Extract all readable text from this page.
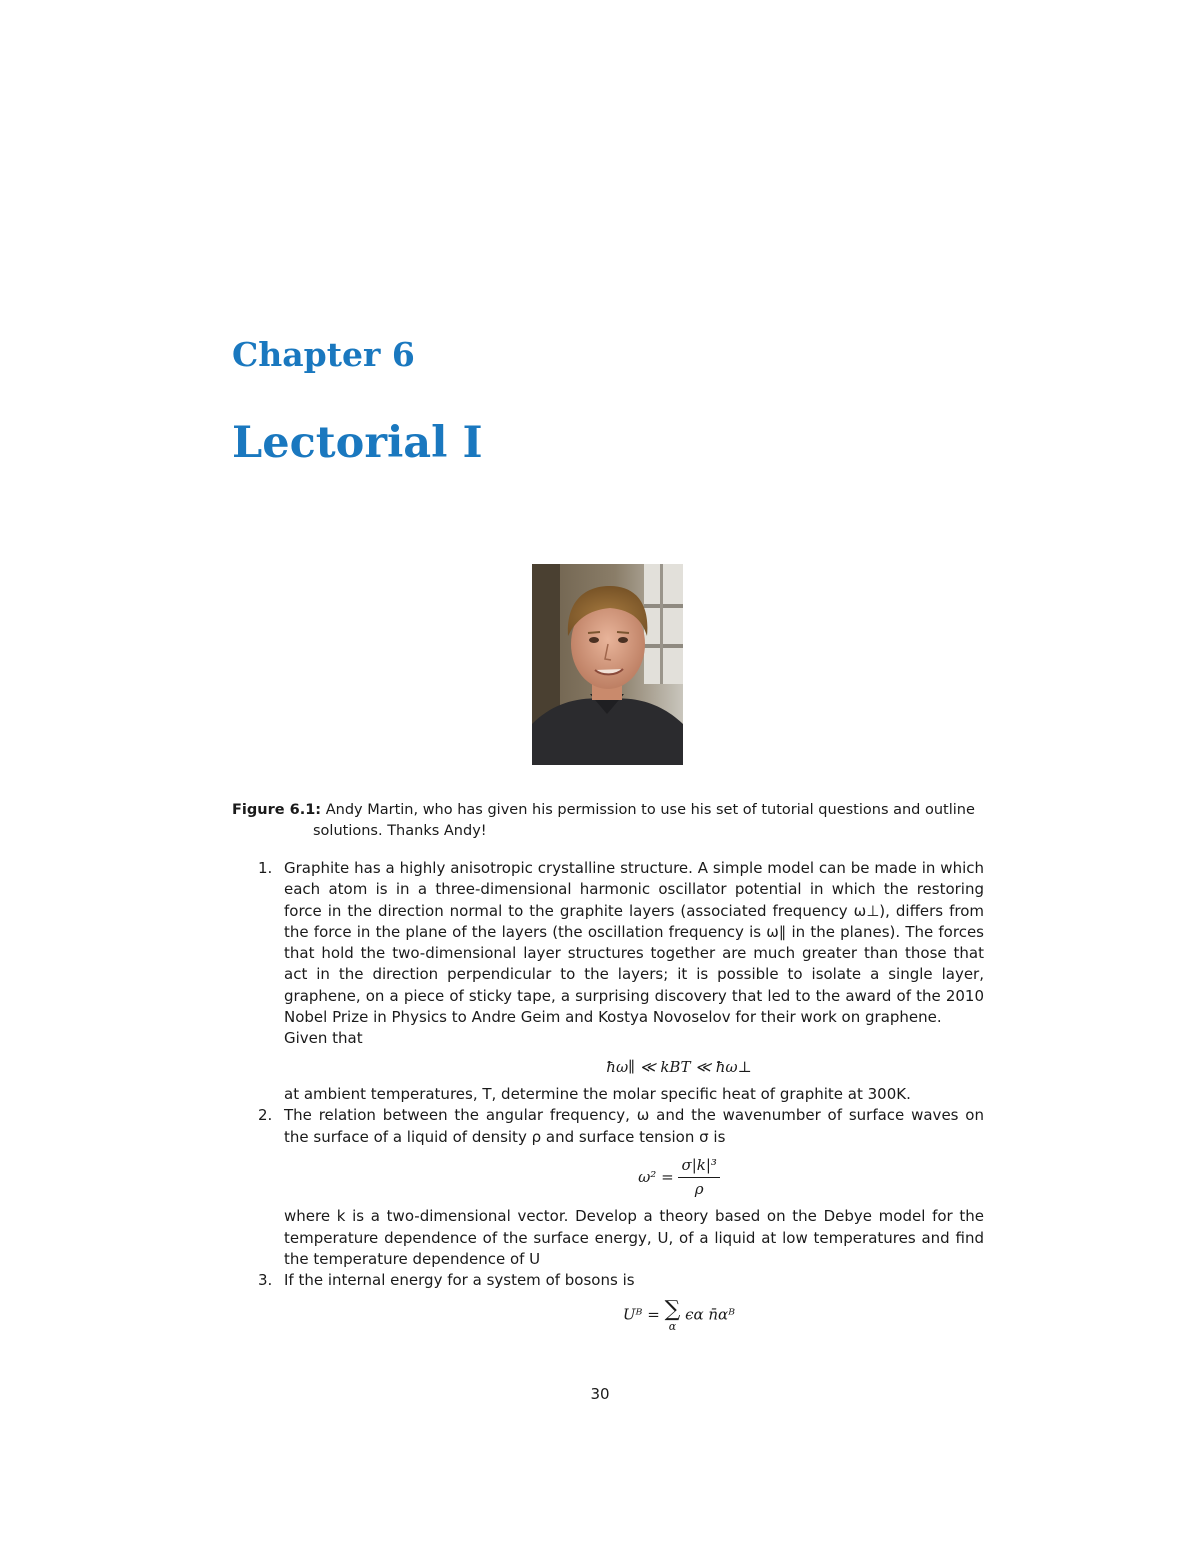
Chapter 6
Lectorial I
Figure 6.1: Andy Martin, who has given his permission to use his set of tutorial questions and outline
solutions. Thanks Andy!
1. Graphite has a highly anisotropic crystalline structure. A simple model can be made in which each atom is in a three-dimensional harmonic oscillator potential in which the restoring force in the direction normal to the graphite layers (associated frequency ω⊥), differs from the force in the plane of the layers (the oscillation frequency is ω∥ in the planes). The forces that hold the two-dimensional layer structures together are much greater than those that act in the direction perpendicular to the layers; it is possible to isolate a single layer, graphene, on a piece of sticky tape, a surprising discovery that led to the award of the 2010 Nobel Prize in Physics to Andre Geim and Kostya Novoselov for their work on graphene.
Given that
ħω∥ ≪ kBT ≪ ħω⊥
at ambient temperatures, T, determine the molar specific heat of graphite at 300K.
2. The relation between the angular frequency, ω and the wavenumber of surface waves on the surface of a liquid of density ρ and surface tension σ is
$\omega^2 = \frac{\text{σ|k|³}}{\rho}$
where k is a two-dimensional vector. Develop a theory based on the Debye model for the temperature dependence of the surface energy, U, of a liquid at low temperatures and find the temperature dependence of U
3. If the internal energy for a system of bosons is
Uᴮ = ∑
α
ϵα n̄αᴮ
30
